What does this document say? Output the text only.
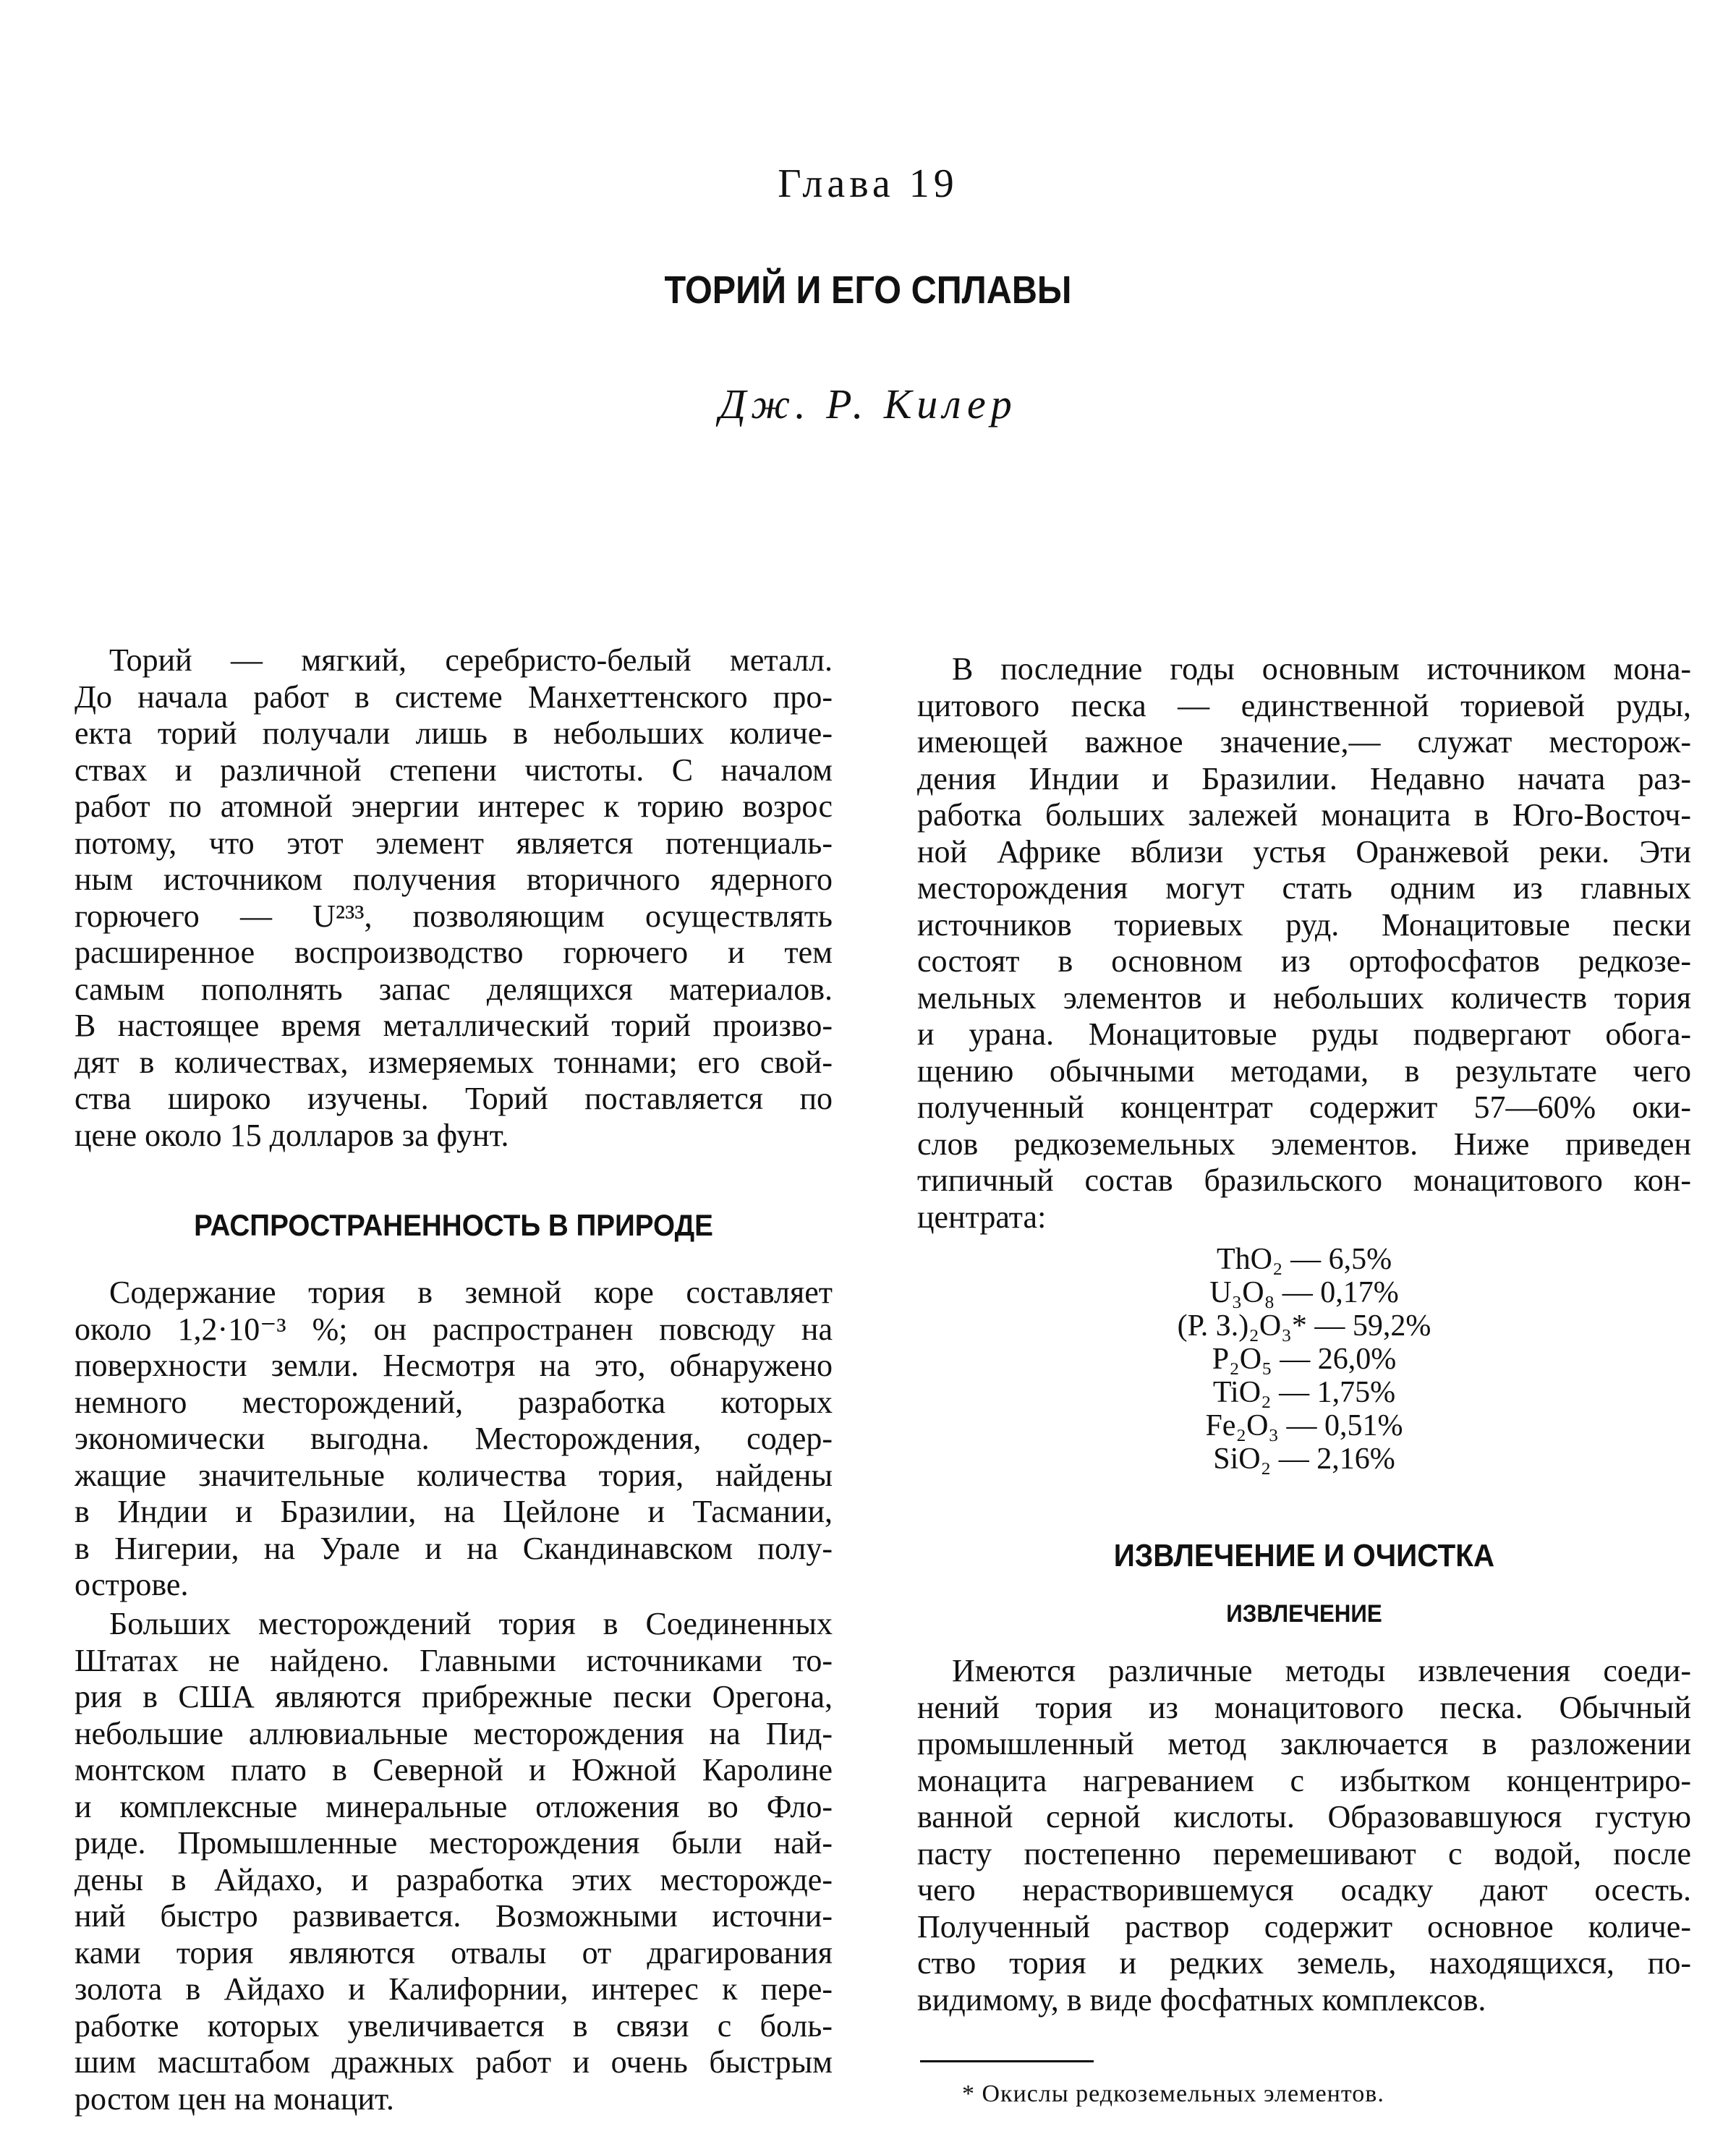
Глава 19
ТОРИЙ И ЕГО СПЛАВЫ
Дж. Р. Килер
Торий — мягкий, серебристо-белый металл.
До начала работ в системе Манхеттенского про-
екта торий получали лишь в небольших количе-
ствах и различной степени чистоты. С началом
работ по атомной энергии интерес к торию возрос
потому, что этот элемент является потенциаль-
ным источником получения вторичного ядерного
горючего — U²³³, позволяющим осуществлять
расширенное воспроизводство горючего и тем
самым пополнять запас делящихся материалов.
В настоящее время металлический торий произво-
дят в количествах, измеряемых тоннами; его свой-
ства широко изучены. Торий поставляется по
цене около 15 долларов за фунт.
РАСПРОСТРАНЕННОСТЬ В ПРИРОДЕ
Содержание тория в земной коре составляет
около 1,2·10⁻³ %; он распространен повсюду на
поверхности земли. Несмотря на это, обнаружено
немного месторождений, разработка которых
экономически выгодна. Месторождения, содер-
жащие значительные количества тория, найдены
в Индии и Бразилии, на Цейлоне и Тасмании,
в Нигерии, на Урале и на Скандинавском полу-
острове.
Больших месторождений тория в Соединенных
Штатах не найдено. Главными источниками то-
рия в США являются прибрежные пески Орегона,
небольшие аллювиальные месторождения на Пид-
монтском плато в Северной и Южной Каролине
и комплексные минеральные отложения во Фло-
риде. Промышленные месторождения были най-
дены в Айдахо, и разработка этих месторожде-
ний быстро развивается. Возможными источни-
ками тория являются отвалы от драгирования
золота в Айдахо и Калифорнии, интерес к пере-
работке которых увеличивается в связи с боль-
шим масштабом дражных работ и очень быстрым
ростом цен на монацит.
В последние годы основным источником мона-
цитового песка — единственной ториевой руды,
имеющей важное значение,— служат месторож-
дения Индии и Бразилии. Недавно начата раз-
работка больших залежей монацита в Юго-Восточ-
ной Африке вблизи устья Оранжевой реки. Эти
месторождения могут стать одним из главных
источников ториевых руд. Монацитовые пески
состоят в основном из ортофосфатов редкозе-
мельных элементов и небольших количеств тория
и урана. Монацитовые руды подвергают обога-
щению обычными методами, в результате чего
полученный концентрат содержит 57—60% оки-
слов редкоземельных элементов. Ниже приведен
типичный состав бразильского монацитового кон-
центрата:
ThO₂ — 6,5%
U₃O₈ — 0,17%
(Р. З.)₂O₃* — 59,2%
P₂O₅ — 26,0%
TiO₂ — 1,75%
Fe₂O₃ — 0,51%
SiO₂ — 2,16%
ИЗВЛЕЧЕНИЕ И ОЧИСТКА
ИЗВЛЕЧЕНИЕ
Имеются различные методы извлечения соеди-
нений тория из монацитового песка. Обычный
промышленный метод заключается в разложении
монацита нагреванием с избытком концентриро-
ванной серной кислоты. Образовавшуюся густую
пасту постепенно перемешивают с водой, после
чего нерастворившемуся осадку дают осесть.
Полученный раствор содержит основное количе-
ство тория и редких земель, находящихся, по-
видимому, в виде фосфатных комплексов.
* Окислы редкоземельных элементов.
